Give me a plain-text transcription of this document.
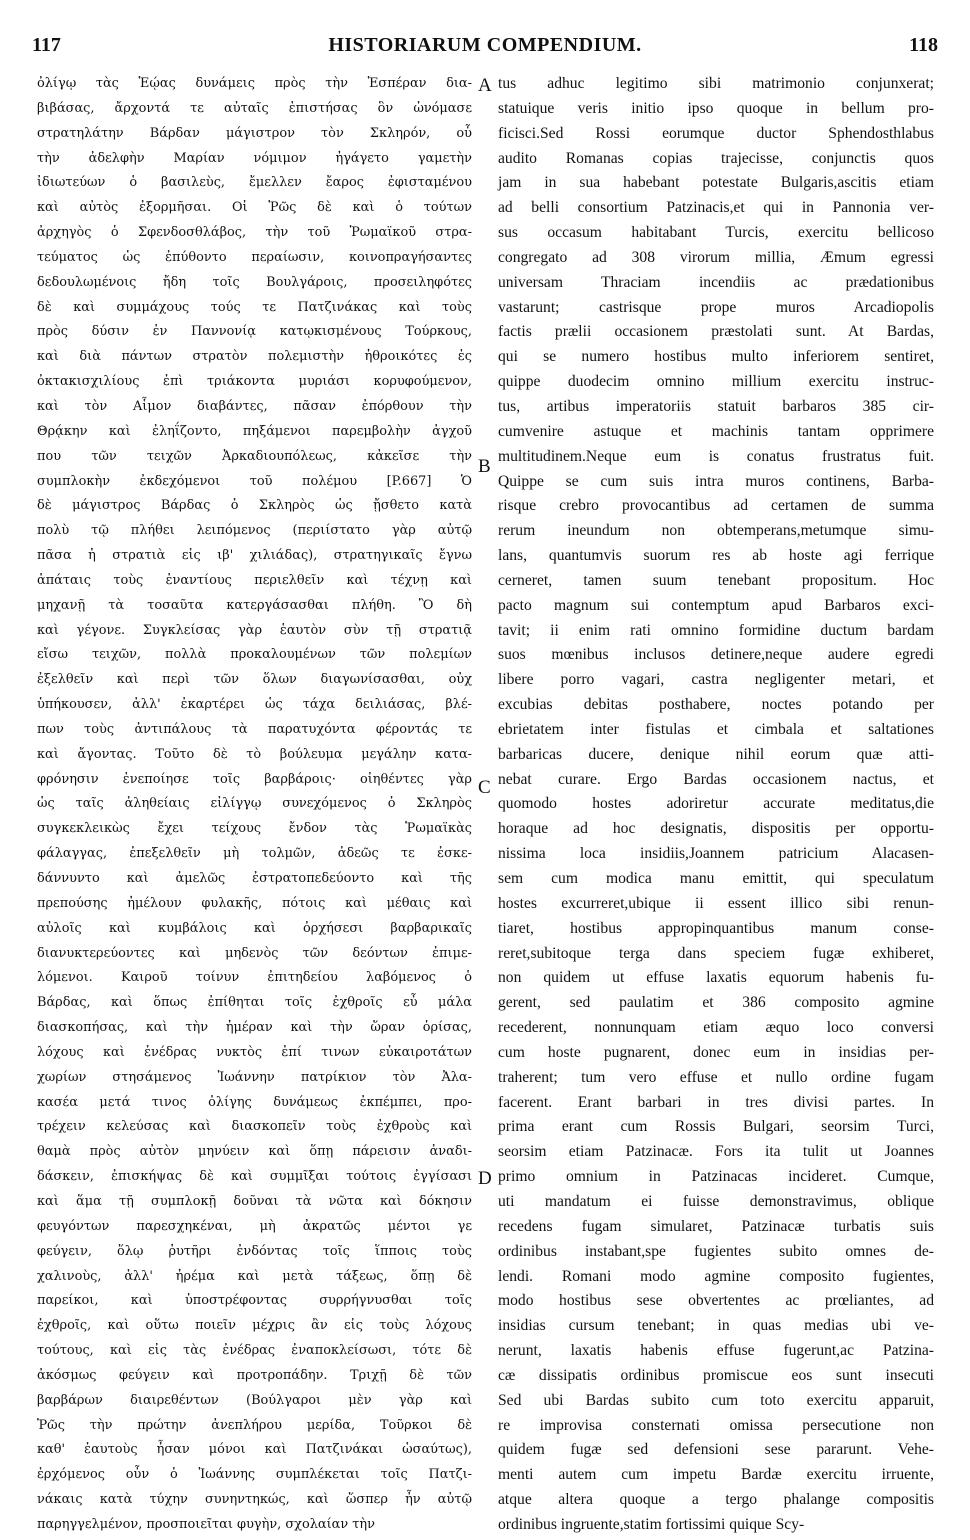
117	HISTORIARUM COMPENDIUM.	118
ὀλίγῳ τὰς Ἑῴας δυνάμεις πρὸς τὴν Ἑσπέραν δια-
βιβάσας, ἄρχοντά τε αὐταῖς ἐπιστήσας ὃν ὠνόμασε
στρατηλάτην Βάρδαν μάγιστρον τὸν Σκληρόν, οὗ
τὴν ἀδελφὴν Μαρίαν νόμιμον ἠγάγετο γαμετὴν
ἰδιωτεύων ὁ βασιλεὺς, ἔμελλεν ἔαρος ἐφισταμένου
καὶ αὐτὸς ἐξορμῆσαι. Οἱ Ῥῶς δὲ καὶ ὁ τούτων
ἀρχηγὸς ὁ Σφενδοσθλάβος, τὴν τοῦ Ῥωμαϊκοῦ στρα-
τεύματος ὡς ἐπύθοντο περαίωσιν, κοινοπραγήσαντες
δεδουλωμένοις ἤδη τοῖς Βουλγάροις, προσειληφότες
δὲ καὶ συμμάχους τούς τε Πατζινάκας καὶ τοὺς
πρὸς δύσιν ἐν Παννονίᾳ κατῳκισμένους Τούρκους,
καὶ διὰ πάντων στρατὸν πολεμιστὴν ἠθροικότες ἐς
ὀκτακισχιλίους ἐπὶ τριάκοντα μυριάσι κορυφούμενον,
καὶ τὸν Αἷμον διαβάντες, πᾶσαν ἐπόρθουν τὴν
Θρᾴκην καὶ ἐληΐζοντο, πηξάμενοι παρεμβολὴν ἀγχοῦ
που τῶν τειχῶν Ἀρκαδιουπόλεως, κἀκεῖσε τὴν
συμπλοκὴν ἐκδεχόμενοι τοῦ πολέμου [P.667] Ὁ
δὲ μάγιστρος Βάρδας ὁ Σκληρὸς ὡς ᾔσθετο κατὰ
πολὺ τῷ πλήθει λειπόμενος (περιίστατο γὰρ αὐτῷ
πᾶσα ἡ στρατιὰ εἰς ιβ' χιλιάδας), στρατηγικαῖς ἔγνω
ἀπάταις τοὺς ἐναντίους περιελθεῖν καὶ τέχνῃ καὶ
μηχανῇ τὰ τοσαῦτα κατεργάσασθαι πλήθη. Ὃ δὴ
καὶ γέγονε. Συγκλείσας γὰρ ἑαυτὸν σὺν τῇ στρατιᾷ
εἴσω τειχῶν, πολλὰ προκαλουμένων τῶν πολεμίων
ἐξελθεῖν καὶ περὶ τῶν ὅλων διαγωνίσασθαι, οὐχ
ὑπήκουσεν, ἀλλ' ἐκαρτέρει ὡς τάχα δειλιάσας, βλέ-
πων τοὺς ἀντιπάλους τὰ παρατυχόντα φέροντάς τε
καὶ ἄγοντας. Τοῦτο δὲ τὸ βούλευμα μεγάλην κατα-
φρόνησιν ἐνεποίησε τοῖς βαρβάροις· οἰηθέντες γὰρ
ὡς ταῖς ἀληθείαις εἰλίγγῳ συνεχόμενος ὁ Σκληρὸς
συγκεκλεικὼς ἔχει τείχους ἔνδον τὰς Ῥωμαϊκὰς
φάλαγγας, ἐπεξελθεῖν μὴ τολμῶν, ἀδεῶς τε ἐσκε-
δάννυντο καὶ ἀμελῶς ἐστρατοπεδεύοντο καὶ τῆς
πρεπούσης ἠμέλουν φυλακῆς, πότοις καὶ μέθαις καὶ
αὐλοῖς καὶ κυμβάλοις καὶ ὀρχήσεσι βαρβαρικαῖς
διανυκτερεύοντες καὶ μηδενὸς τῶν δεόντων ἐπιμε-
λόμενοι. Καιροῦ τοίνυν ἐπιτηδείου λαβόμενος ὁ
Βάρδας, καὶ ὅπως ἐπίθηται τοῖς ἐχθροῖς εὖ μάλα
διασκοπήσας, καὶ τὴν ἡμέραν καὶ τὴν ὥραν ὁρίσας,
λόχους καὶ ἐνέδρας νυκτὸς ἐπί τινων εὐκαιροτάτων
χωρίων στησάμενος Ἰωάννην πατρίκιον τὸν Ἀλα-
κασέα μετά τινος ὀλίγης δυνάμεως ἐκπέμπει, προ-
τρέχειν κελεύσας καὶ διασκοπεῖν τοὺς ἐχθροὺς καὶ
θαμὰ πρὸς αὐτὸν μηνύειν καὶ ὅπῃ πάρεισιν ἀναδι-
δάσκειν, ἐπισκήψας δὲ καὶ συμμῖξαι τούτοις ἐγγίσασι
καὶ ἅμα τῇ συμπλοκῇ δοῦναι τὰ νῶτα καὶ δόκησιν
φευγόντων παρεσχηκέναι, μὴ ἀκρατῶς μέντοι γε
φεύγειν, ὅλῳ ῥυτῆρι ἐνδόντας τοῖς ἵπποις τοὺς
χαλινοὺς, ἀλλ' ἠρέμα καὶ μετὰ τάξεως, ὅπῃ δὲ
παρείκοι, καὶ ὑποστρέφοντας συρρήγνυσθαι τοῖς
ἐχθροῖς, καὶ οὕτω ποιεῖν μέχρις ἂν εἰς τοὺς λόχους
τούτους, καὶ εἰς τὰς ἐνέδρας ἐναποκλείσωσι, τότε δὲ
ἀκόσμως φεύγειν καὶ προτροπάδην. Τριχῇ δὲ τῶν
βαρβάρων διαιρεθέντων (Βούλγαροι μὲν γὰρ καὶ
Ῥῶς τὴν πρώτην ἀνεπλήρου μερίδα, Τοῦρκοι δὲ
καθ' ἑαυτοὺς ἦσαν μόνοι καὶ Πατζινάκαι ὡσαύτως),
ἐρχόμενος οὖν ὁ Ἰωάννης συμπλέκεται τοῖς Πατζι-
νάκαις κατὰ τύχην συνηντηκώς, καὶ ὥσπερ ἦν αὐτῷ
παρηγγελμένον, προσποιεῖται φυγὴν, σχολαίαν τὴν
tus adhuc legitimo sibi matrimonio conjunxerat;
statuique veris initio ipso quoque in bellum pro-
ficisci.Sed Rossi eorumque ductor Sphendosthlabus
audito Romanas copias trajecisse, conjunctis quos
jam in sua habebant potestate Bulgaris,ascitis etiam
ad belli consortium Patzinacis,et qui in Pannonia ver-
sus occasum habitabant Turcis, exercitu bellicoso
congregato ad 308 virorum millia, Æmum egressi
universam Thraciam incendiis ac prædationibus
vastarunt; castrisque prope muros Arcadiopolis
factis prælii occasionem præstolati sunt. At Bardas,
qui se numero hostibus multo inferiorem sentiret,
quippe duodecim omnino millium exercitu instruc-
tus, artibus imperatoriis statuit barbaros 385 cir-
cumvenire astuque et machinis tantam opprimere
multitudinem.Neque eum is conatus frustratus fuit.
Quippe se cum suis intra muros continens, Barba-
risque crebro provocantibus ad certamen de summa
rerum ineundum non obtemperans,metumque simu-
lans, quantumvis suorum res ab hoste agi ferrique
cerneret, tamen suum tenebant propositum. Hoc
pacto magnum sui contemptum apud Barbaros exci-
tavit; ii enim rati omnino formidine ductum bardam
suos mœnibus inclusos detinere,neque audere egredi
libere porro vagari, castra negligenter metari, et
excubias debitas posthabere, noctes potando per
ebrietatem inter fistulas et cimbala et saltationes
barbaricas ducere, denique nihil eorum quæ atti-
nebat curare. Ergo Bardas occasionem nactus, et
quomodo hostes adoriretur accurate meditatus,die
horaque ad hoc designatis, dispositis per opportu-
nissima loca insidiis,Joannem patricium Alacasen-
sem cum modica manu emittit, qui speculatum
hostes excurreret,ubique ii essent illico sibi renun-
tiaret, hostibus appropinquantibus manum conse-
reret,subitoque terga dans speciem fugæ exhiberet,
non quidem ut effuse laxatis equorum habenis fu-
gerent, sed paulatim et 386 composito agmine
recederent, nonnunquam etiam æquo loco conversi
cum hoste pugnarent, donec eum in insidias per-
traherent; tum vero effuse et nullo ordine fugam
facerent. Erant barbari in tres divisi partes. In
prima erant cum Rossis Bulgari, seorsim Turci,
seorsim etiam Patzinacæ. Fors ita tulit ut Joannes
primo omnium in Patzinacas incideret. Cumque,
uti mandatum ei fuisse demonstravimus, oblique
recedens fugam simularet, Patzinacæ turbatis suis
ordinibus instabant,spe fugientes subito omnes de-
lendi. Romani modo agmine composito fugientes,
modo hostibus sese obvertentes ac prœliantes, ad
insidias cursum tenebant; in quas medias ubi ve-
nerunt, laxatis habenis effuse fugerunt,ac Patzina-
cæ dissipatis ordinibus promiscue eos sunt insecuti
Sed ubi Bardas subito cum toto exercitu apparuit,
re improvisa consternati omissa persecutione non
quidem fugæ sed defensioni sese pararunt. Vehe-
menti autem cum impetu Bardæ exercitu irruente,
atque altera quoque a tergo phalange compositis
ordinibus ingruente,statim fortissimi quique Scy-
A
B
C
D
